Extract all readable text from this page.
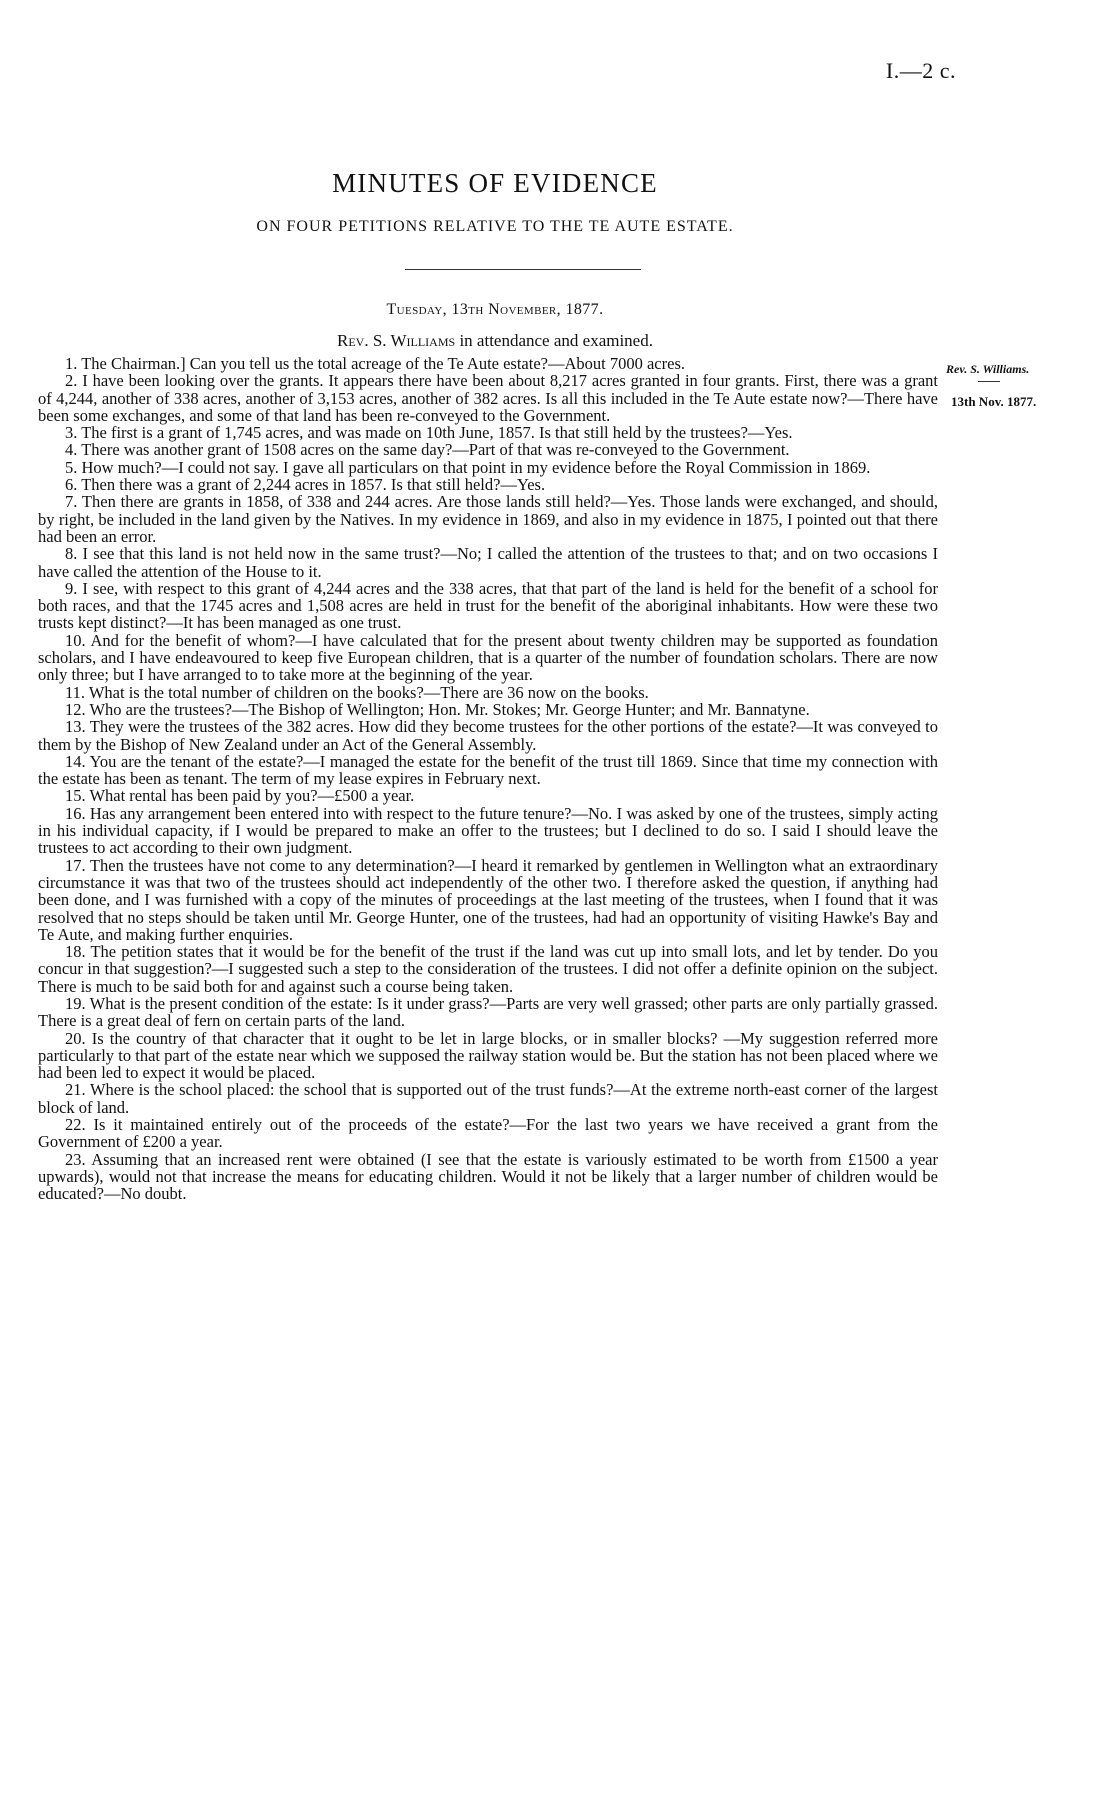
I.—2 c.
MINUTES OF EVIDENCE
ON FOUR PETITIONS RELATIVE TO THE TE AUTE ESTATE.
Tuesday, 13th November, 1877.
Rev. S. Williams in attendance and examined.
Rev. S. Williams.
13th Nov. 1877.

1. The Chairman.] Can you tell us the total acreage of the Te Aute estate?—About 7000 acres.

2. I have been looking over the grants. It appears there have been about 8,217 acres granted in four grants. First, there was a grant of 4,244, another of 338 acres, another of 3,153 acres, another of 382 acres. Is all this included in the Te Aute estate now?—There have been some exchanges, and some of that land has been re-conveyed to the Government.

3. The first is a grant of 1,745 acres, and was made on 10th June, 1857. Is that still held by the trustees?—Yes.

4. There was another grant of 1508 acres on the same day?—Part of that was re-conveyed to the Government.

5. How much?—I could not say. I gave all particulars on that point in my evidence before the Royal Commission in 1869.

6. Then there was a grant of 2,244 acres in 1857. Is that still held?—Yes.

7. Then there are grants in 1858, of 338 and 244 acres. Are those lands still held?—Yes. Those lands were exchanged, and should, by right, be included in the land given by the Natives. In my evidence in 1869, and also in my evidence in 1875, I pointed out that there had been an error.

8. I see that this land is not held now in the same trust?—No; I called the attention of the trustees to that; and on two occasions I have called the attention of the House to it.

9. I see, with respect to this grant of 4,244 acres and the 338 acres, that that part of the land is held for the benefit of a school for both races, and that the 1745 acres and 1,508 acres are held in trust for the benefit of the aboriginal inhabitants. How were these two trusts kept distinct?—It has been managed as one trust.

10. And for the benefit of whom?—I have calculated that for the present about twenty children may be supported as foundation scholars, and I have endeavoured to keep five European children, that is a quarter of the number of foundation scholars. There are now only three; but I have arranged to to take more at the beginning of the year.

11. What is the total number of children on the books?—There are 36 now on the books.

12. Who are the trustees?—The Bishop of Wellington; Hon. Mr. Stokes; Mr. George Hunter; and Mr. Bannatyne.

13. They were the trustees of the 382 acres. How did they become trustees for the other portions of the estate?—It was conveyed to them by the Bishop of New Zealand under an Act of the General Assembly.

14. You are the tenant of the estate?—I managed the estate for the benefit of the trust till 1869. Since that time my connection with the estate has been as tenant. The term of my lease expires in February next.

15. What rental has been paid by you?—£500 a year.

16. Has any arrangement been entered into with respect to the future tenure?—No. I was asked by one of the trustees, simply acting in his individual capacity, if I would be prepared to make an offer to the trustees; but I declined to do so. I said I should leave the trustees to act according to their own judgment.

17. Then the trustees have not come to any determination?—I heard it remarked by gentlemen in Wellington what an extraordinary circumstance it was that two of the trustees should act independently of the other two. I therefore asked the question, if anything had been done, and I was furnished with a copy of the minutes of proceedings at the last meeting of the trustees, when I found that it was resolved that no steps should be taken until Mr. George Hunter, one of the trustees, had had an opportunity of visiting Hawke's Bay and Te Aute, and making further enquiries.

18. The petition states that it would be for the benefit of the trust if the land was cut up into small lots, and let by tender. Do you concur in that suggestion?—I suggested such a step to the consideration of the trustees. I did not offer a definite opinion on the subject. There is much to be said both for and against such a course being taken.

19. What is the present condition of the estate: Is it under grass?—Parts are very well grassed; other parts are only partially grassed. There is a great deal of fern on certain parts of the land.

20. Is the country of that character that it ought to be let in large blocks, or in smaller blocks? —My suggestion referred more particularly to that part of the estate near which we supposed the railway station would be. But the station has not been placed where we had been led to expect it would be placed.

21. Where is the school placed: the school that is supported out of the trust funds?—At the extreme north-east corner of the largest block of land.

22. Is it maintained entirely out of the proceeds of the estate?—For the last two years we have received a grant from the Government of £200 a year.

23. Assuming that an increased rent were obtained (I see that the estate is variously estimated to be worth from £1500 a year upwards), would not that increase the means for educating children. Would it not be likely that a larger number of children would be educated?—No doubt.
